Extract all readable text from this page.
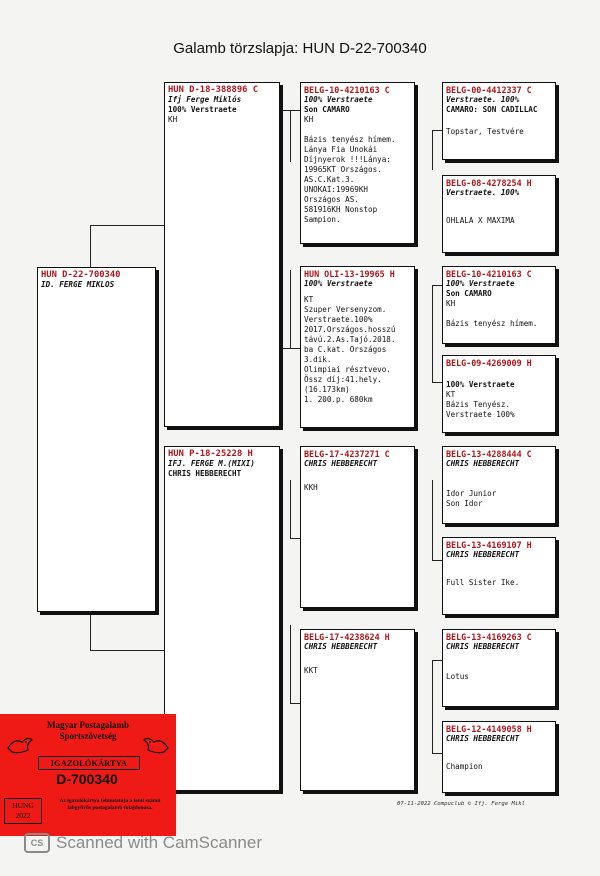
Galamb törzslapja: HUN D-22-700340
HUN D-22-700340
ID. FERGE MIKLOS
HUN D-18-388896 C
Ifj Ferge Miklós
100% Verstraete
KH
HUN P-18-25228 H
IFJ. FERGE M.(MIXI)
CHRIS HEBBERECHT
BELG-10-4210163 C
100% Verstraete
Son CAMARO
KH

Bázis tenyész hímem.
Lánya Fia Unokái
Díjnyerok !!!Lánya:
19965KT Országos.
AS.C.Kat.3.
UNOKAI:19969KH
Országos AS.
581916KH Nonstop
Sampion.
HUN OLI-13-19965 H
100% Verstraete
KT
Szuper Versenyzom.
Verstraete.100%
2017.Országos.hosszú
távú.2.As.Tajó.2018.
ba C.kat. Országos
3.dik.
Olimpiai résztvevo.
Össz díj:41.hely.
(16.173km)
1. 200.p. 680km
BELG-17-4237271 C
CHRIS HEBBERECHT
KKH
BELG-17-4238624 H
CHRIS HEBBERECHT
KKT
BELG-00-4412337 C
Verstraete. 100%
CAMARO: SON CADILLAC
Topstar, Testvére
BELG-08-4278254 H
Verstraete. 100%
OHLALA X MAXIMA
BELG-10-4210163 C
100% Verstraete
Son CAMARO
KH

Bázis tenyész hímem.
BELG-09-4269009 H
100% Verstraete
KT
Bázis Tenyész.
Verstraete 100%
BELG-13-4288444 C
CHRIS HEBBERECHT
Idor Junior
Son Idor
BELG-13-4169107 H
CHRIS HEBBERECHT
Full Sister Ike.
BELG-13-4169263 C
CHRIS HEBBERECHT
Lotus
BELG-12-4149058 H
CHRIS HEBBERECHT
Champion
07-11-2022 Compuclub © Ifj. Ferge Mikl
Magyar Postagalamb Sportszövetség
IGAZOLÓKÁRTYA
D-700340
HUNG
2022
Az igazolókártya felmutatója a fenti számú lábgyűrűs postagalamb tulajdonosa.
CS Scanned with CamScanner
